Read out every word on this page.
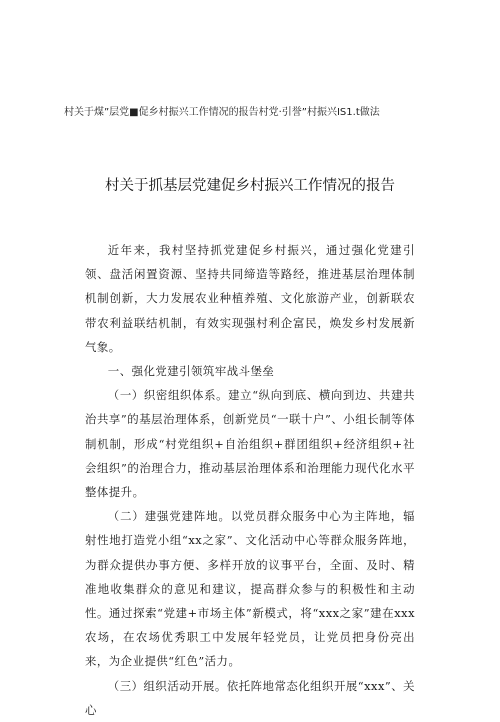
村关于煤”层党■促乡村振兴工作情况的报告村党·引誉”村振兴IS1.t做法
村关于抓基层党建促乡村振兴工作情况的报告

近年来，我村坚持抓党建促乡村振兴，通过强化党建引领、盘活闲置资源、坚持共同缔造等路经，推进基层治理体制机制创新，大力发展农业种植养殖、文化旅游产业，创新联农带农利益联结机制，有效实现强村利企富民，焕发乡村发展新气象。

一、强化党建引领筑牢战斗堡垒

（一）织密组织体系。建立“纵向到底、横向到边、共建共治共享”的基层治理体系，创新党员“一联十户”、小组长制等体制机制，形成“村党组织+自治组织+群团组织+经济组织+社会组织”的治理合力，推动基层治理体系和治理能力现代化水平整体提升。

（二）建强党建阵地。以党员群众服务中心为主阵地，辐射性地打造党小组“xx之家”、文化活动中心等群众服务阵地，为群众提供办事方便、多样开放的议事平台，全面、及时、精准地收集群众的意见和建议，提高群众参与的积极性和主动性。通过探索“党建+市场主体”新模式，将“xxx之家”建在xxx农场，在农场优秀职工中发展年轻党员，让党员把身份亮出来，为企业提供“红色”活力。

（三）组织活动开展。依托阵地常态化组织开展“xxx”、关心
